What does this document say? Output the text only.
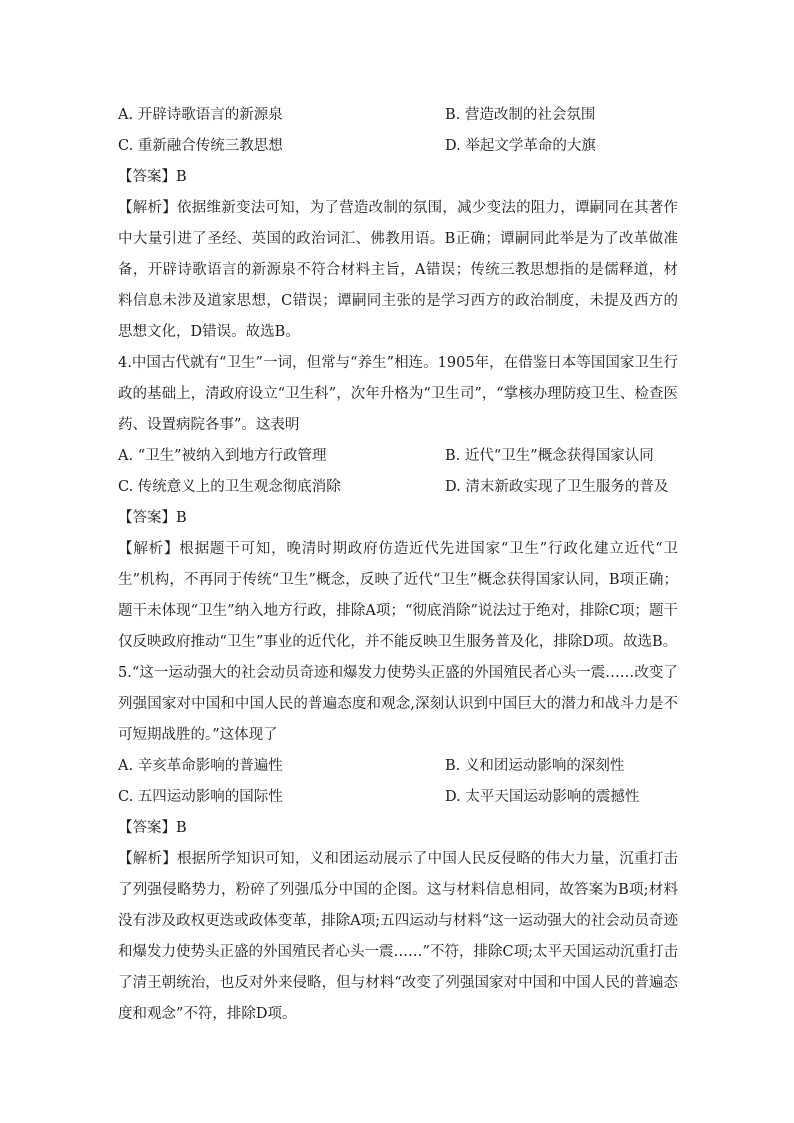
A. 开辟诗歌语言的新源泉	B. 营造改制的社会氛围
C. 重新融合传统三教思想	D. 举起文学革命的大旗
【答案】B
【解析】依据维新变法可知，为了营造改制的氛围，减少变法的阻力，谭嗣同在其著作中大量引进了圣经、英国的政治词汇、佛教用语。B正确；谭嗣同此举是为了改革做准备，开辟诗歌语言的新源泉不符合材料主旨，A错误；传统三教思想指的是儒释道，材料信息未涉及道家思想，C错误；谭嗣同主张的是学习西方的政治制度，未提及西方的思想文化，D错误。故选B。
4.中国古代就有“卫生”一词，但常与“养生”相连。1905年，在借鉴日本等国国家卫生行政的基础上，清政府设立“卫生科”，次年升格为“卫生司”，“掌核办理防疫卫生、检查医药、设置病院各事”。这表明
A. “卫生”被纳入到地方行政管理	B. 近代“卫生”概念获得国家认同
C. 传统意义上的卫生观念彻底消除	D. 清末新政实现了卫生服务的普及
【答案】B
【解析】根据题干可知，晚清时期政府仿造近代先进国家“卫生”行政化建立近代“卫生”机构，不再同于传统“卫生”概念，反映了近代“卫生”概念获得国家认同，B项正确；题干未体现“卫生”纳入地方行政，排除A项；“彻底消除”说法过于绝对，排除C项；题干仅反映政府推动“卫生”事业的近代化，并不能反映卫生服务普及化，排除D项。故选B。
5.“这一运动强大的社会动员奇迹和爆发力使势头正盛的外国殖民者心头一震……改变了列强国家对中国和中国人民的普遍态度和观念,深刻认识到中国巨大的潜力和战斗力是不可短期战胜的。”这体现了
A. 辛亥革命影响的普遍性	B. 义和团运动影响的深刻性
C. 五四运动影响的国际性	D. 太平天国运动影响的震撼性
【答案】B
【解析】根据所学知识可知，义和团运动展示了中国人民反侵略的伟大力量，沉重打击了列强侵略势力，粉碎了列强瓜分中国的企图。这与材料信息相同，故答案为B项;材料没有涉及政权更迭或政体变革，排除A项;五四运动与材料“这一运动强大的社会动员奇迹和爆发力使势头正盛的外国殖民者心头一震……”不符，排除C项;太平天国运动沉重打击了清王朝统治，也反对外来侵略，但与材料“改变了列强国家对中国和中国人民的普遍态度和观念”不符，排除D项。
